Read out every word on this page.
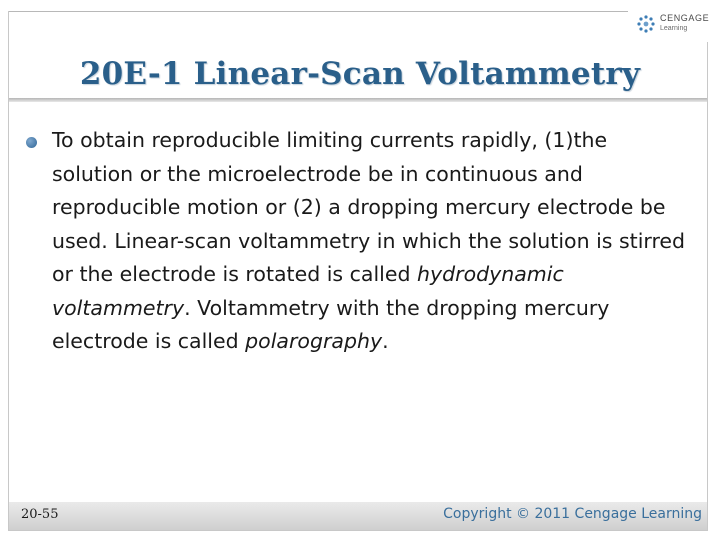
CENGAGE
Learning
20E-1 Linear-Scan Voltammetry
To obtain reproducible limiting currents rapidly, (1)the solution or the microelectrode be in continuous and reproducible motion or (2) a dropping mercury electrode be used. Linear-scan voltammetry in which the solution is stirred or the electrode is rotated is called hydrodynamic voltammetry. Voltammetry with the dropping mercury electrode is called polarography.
20-55	Copyright © 2011 Cengage Learning
